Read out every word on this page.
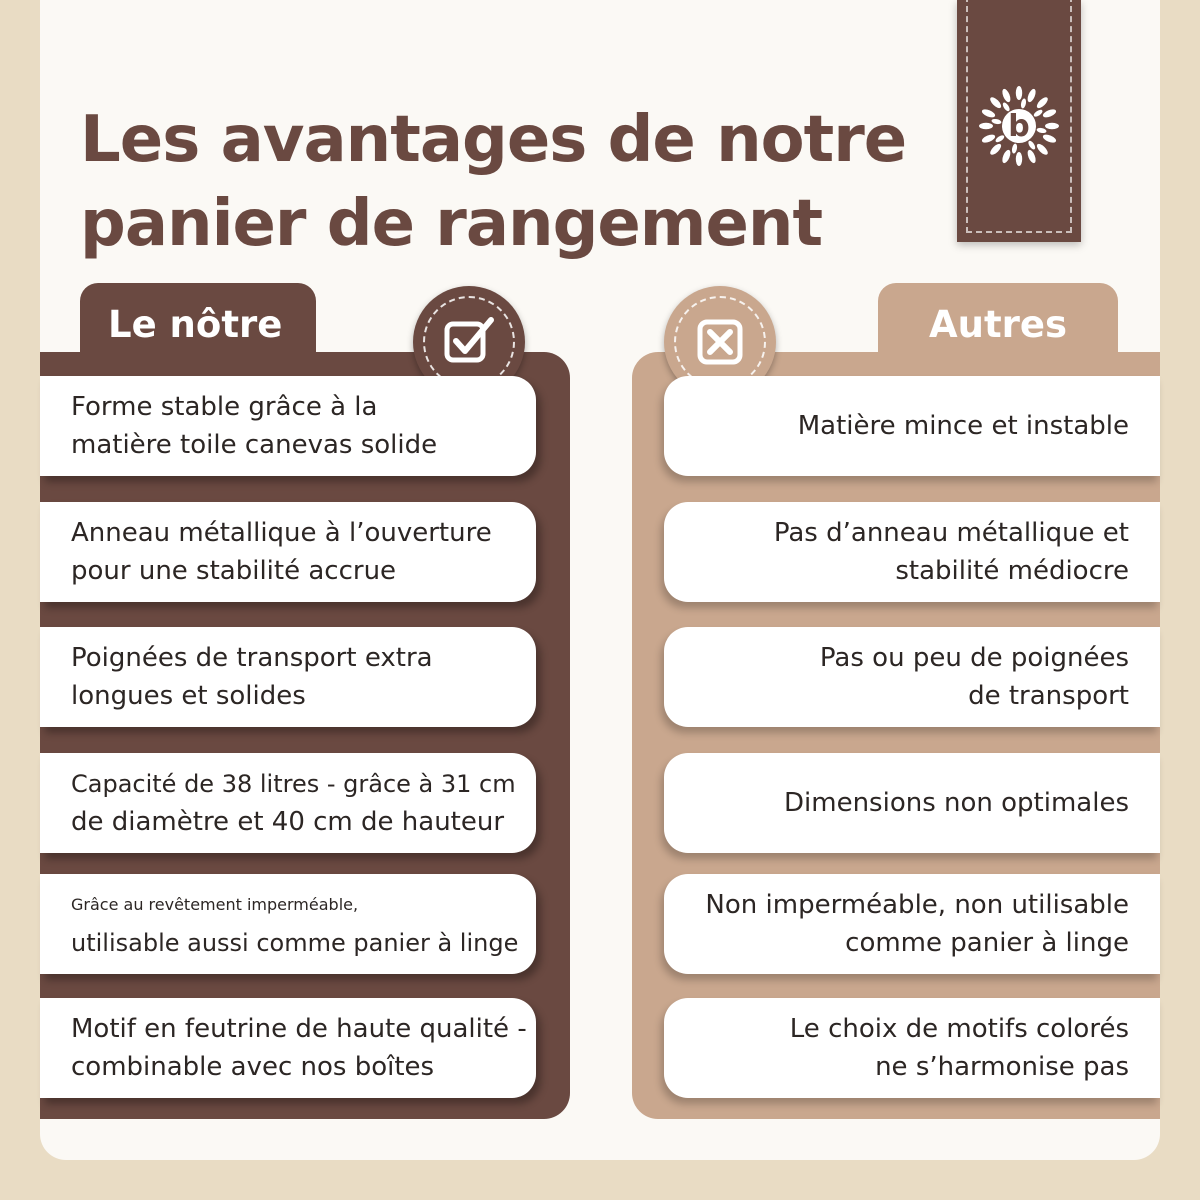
Les avantages de notre
panier de rangement
b
Le nôtre	Autres
Forme stable grâce à la
matière toile canevas solide
Anneau métallique à l’ouverture
pour une stabilité accrue
Poignées de transport extra
longues et solides
Capacité de 38 litres - grâce à 31 cm
de diamètre et 40 cm de hauteur
Grâce au revêtement imperméable,
utilisable aussi comme panier à linge
Motif en feutrine de haute qualité -
combinable avec nos boîtes
Matière mince et instable
Pas d’anneau métallique et
stabilité médiocre
Pas ou peu de poignées
de transport
Dimensions non optimales
Non imperméable, non utilisable
comme panier à linge
Le choix de motifs colorés
ne s’harmonise pas
